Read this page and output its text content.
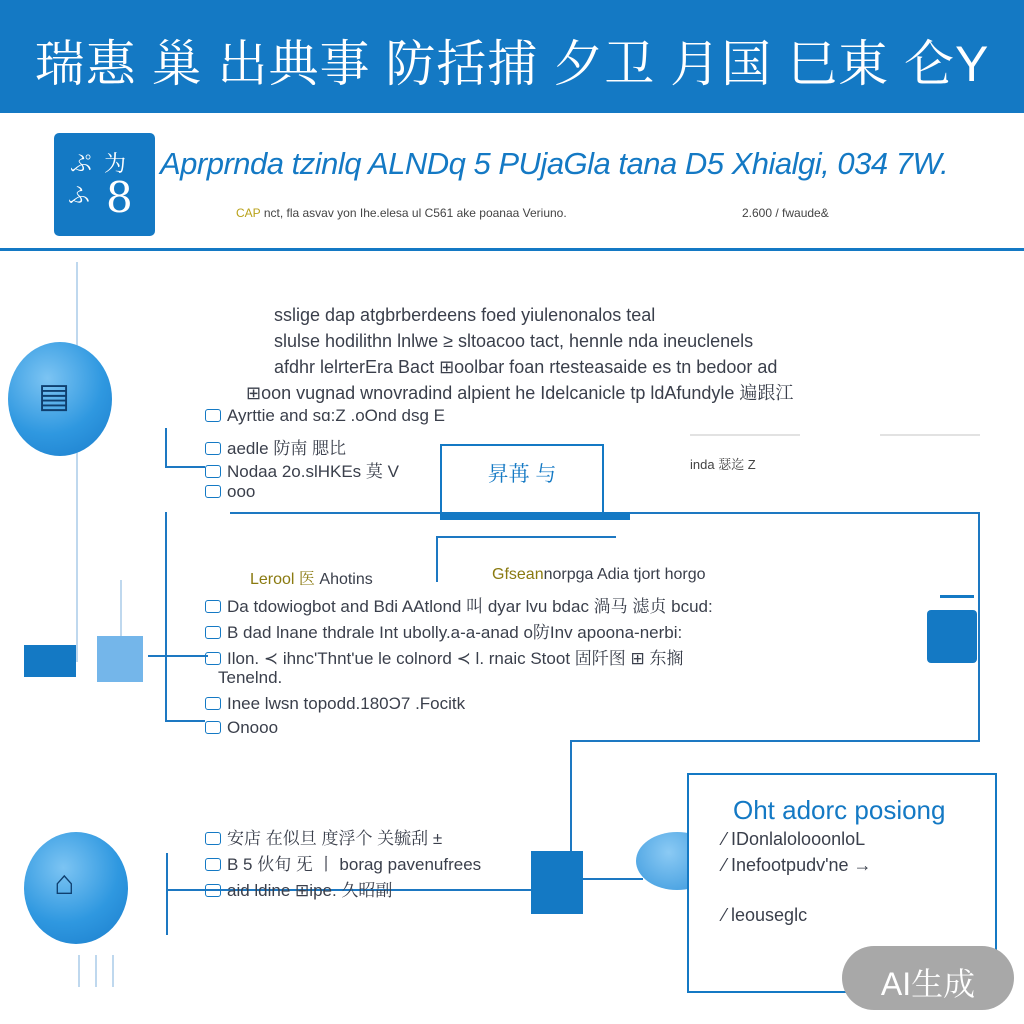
瑞惠 巢 出典事 防括捕 夕卫 月国 巳東 仑Y
ぷ 为
ふ 8
Aprprnda tzinlq ALNDq 5 PUjaGla tana D5 Xhialgi, 034 7W.
CAP nct, fla asvav yon Ihe.elesa ul C561 ake poanaa Veriuno.	2.600 / fwaude&
▤
⌂
sslige dap atgbrberdeens foed yiulenonalos teal
slulse hodilithn lnlwe ≥ sltoacoo tact, hennle nda ineuclenels
afdhr lelrterEra Bact ⊞oolbar foan rtesteasaide es tn bedoor ad
⊞oon vugnad wnovradind alpient he Idelcanicle tp ldAfundyle 遍跟江
Ayrttie and sɑ:Z .oOnd dsg E
aedle 防南 腮比
Nodaa 2o.slHKEs 莫 V
ooo
昇苒 与	inda 瑟迄 Z
Lerool 医 Ahotins	Gfseannorpga Adia tjort horgo
Da tdowiogbot and Bdi AAtlond 叫 dyar lvu bdac 渦马 滤贞 bcud:
B dad lnane thdrale Int ubolly.a-a-anad o防Inv apoona-nerbi:
Ilon. ≺ ihnc'Thnt'ue le colnord ≺ l. rnaic Stoot 固阡图 ⊞ 东搁
Tenelnd.
Inee lwsn topodd.180Ɔ7 .Focitk
Onooo
安店 在似旦 度浮个 关毓刮 ±
B 5 伙旬 旡 丨 borag pavenufrees
aid ldine ⊞ipe. 久昭副
Oht adorc posiong
⁄ IDonlalolooonloL
⁄ Inefootpudv'ne →
⁄ leouseglc
AI生成
